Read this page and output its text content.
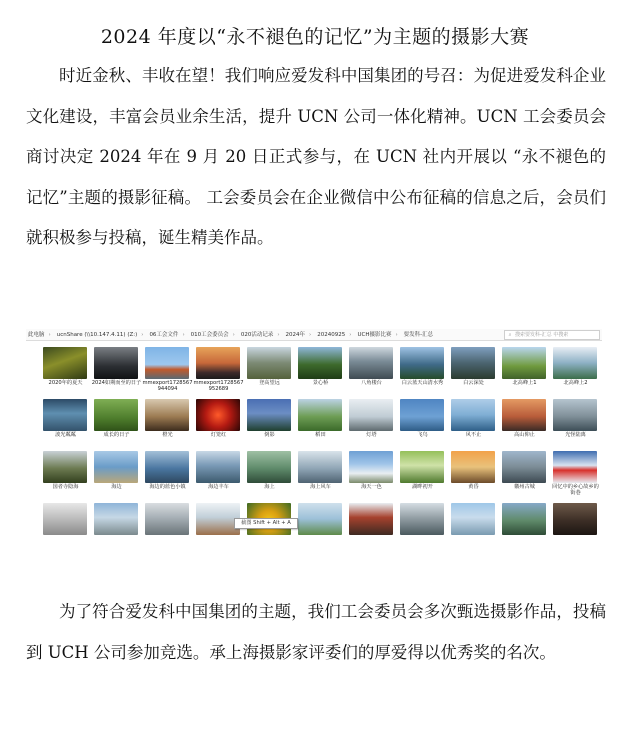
2024 年度以“永不褪色的记忆”为主题的摄影大赛

时近金秋、丰收在望！我们响应爱发科中国集团的号召：为促进爱发科企业文化建设，丰富会员业余生活，提升 UCN 公司一体化精神。UCN 工会委员会商讨决定 2024 年在 9 月 20 日正式参与，在 UCN 社内开展以 “永不褪色的记忆”主题的摄影征稿。 工会委员会在企业微信中公布征稿的信息之后，会员们就积极参与投稿，诞生精美作品。

此电脑 › ucnShare (\\10.147.4.11) (Z:) › 06工会文件 › 010工会委员会 › 020活动记录 › 2024年 › 20240925 › UCH摄影比赛 › 要发科-汇总	⌕ 搜索要发科-汇总 中搜索
2020年的夏天	2024如期而至的日子 mmexport1728567944094
mmexport1728567952689
登高望远	景心桥	八角楼台	白云蓝天山清水秀	白云深处	北高峰上1	北高峰上2
波光粼粼	成长的日子	橙光	灯笼红	倒影	稻田	灯塔	飞鸟	风不止	高山仰止	光怪陆离
国者寺隐海	海边	海边的蓝色小镇	海边丰车	海上	海上风车	海天一色	湖畔初开	黄昏	徽州古城	回忆中的乡心故乡的街巷
截图 Shift + Alt + A

为了符合爱发科中国集团的主题，我们工会委员会多次甄选摄影作品，投稿到 UCH 公司参加竞选。承上海摄影家评委们的厚爱得以优秀奖的名次。
